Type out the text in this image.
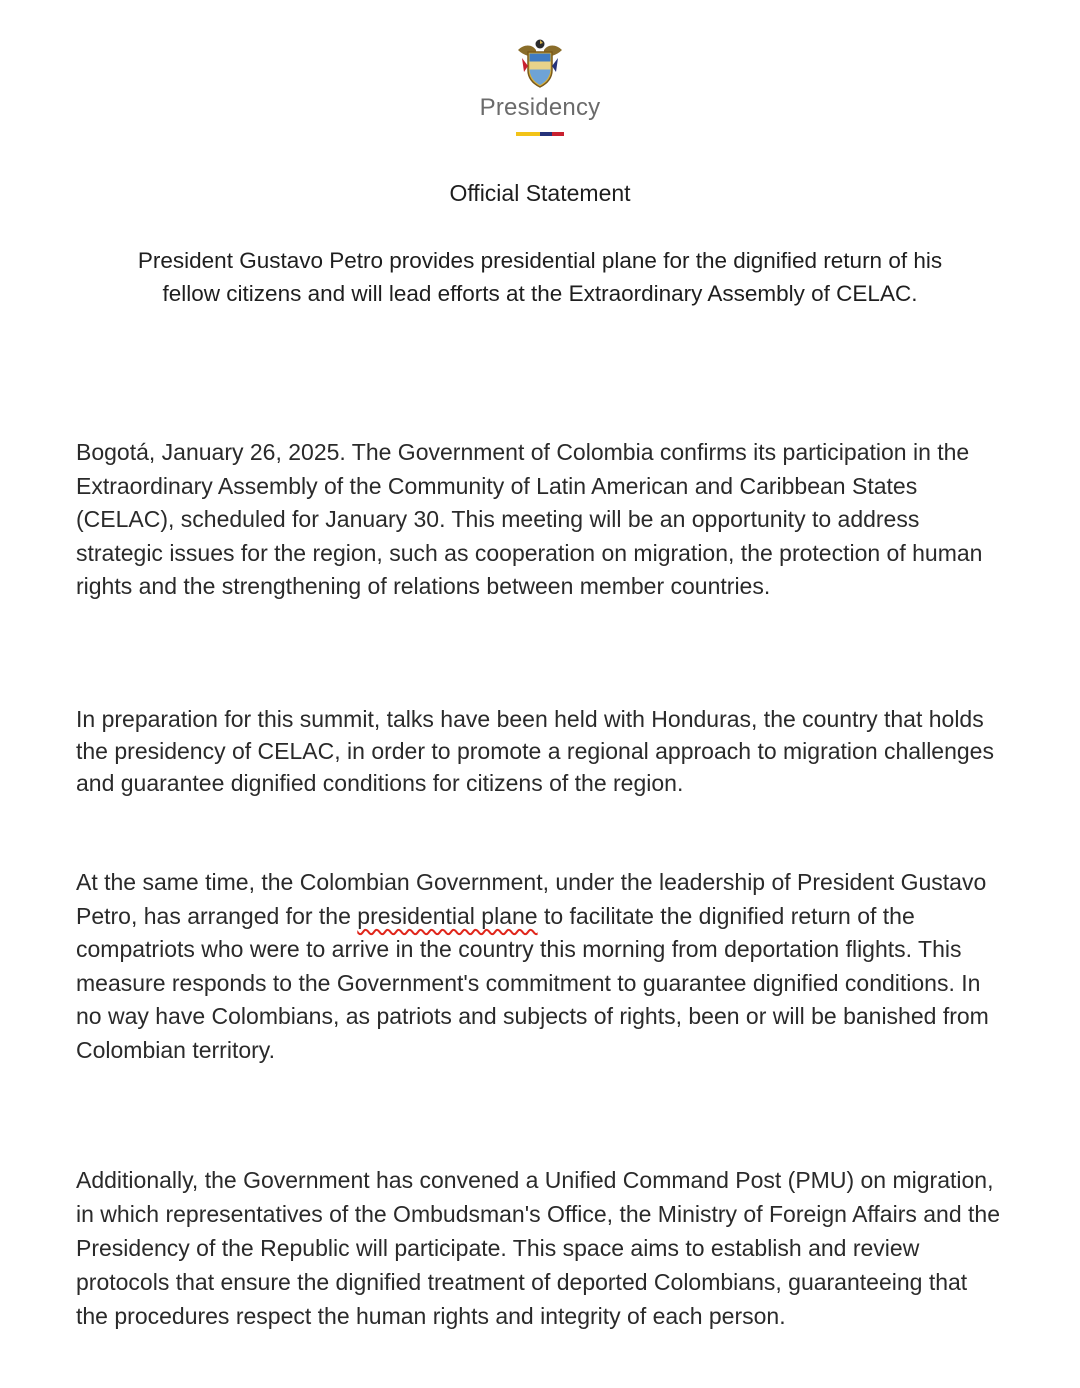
Presidency
Official Statement
President Gustavo Petro provides presidential plane for the dignified return of his fellow citizens and will lead efforts at the Extraordinary Assembly of CELAC.

Bogotá, January 26, 2025. The Government of Colombia confirms its participation in the Extraordinary Assembly of the Community of Latin American and Caribbean States (CELAC), scheduled for January 30. This meeting will be an opportunity to address strategic issues for the region, such as cooperation on migration, the protection of human rights and the strengthening of relations between member countries.

In preparation for this summit, talks have been held with Honduras, the country that holds the presidency of CELAC, in order to promote a regional approach to migration challenges and guarantee dignified conditions for citizens of the region.

At the same time, the Colombian Government, under the leadership of President Gustavo Petro, has arranged for the presidential plane to facilitate the dignified return of the compatriots who were to arrive in the country this morning from deportation flights. This measure responds to the Government's commitment to guarantee dignified conditions. In no way have Colombians, as patriots and subjects of rights, been or will be banished from Colombian territory.

Additionally, the Government has convened a Unified Command Post (PMU) on migration, in which representatives of the Ombudsman's Office, the Ministry of Foreign Affairs and the Presidency of the Republic will participate. This space aims to establish and review protocols that ensure the dignified treatment of deported Colombians, guaranteeing that the procedures respect the human rights and integrity of each person.
